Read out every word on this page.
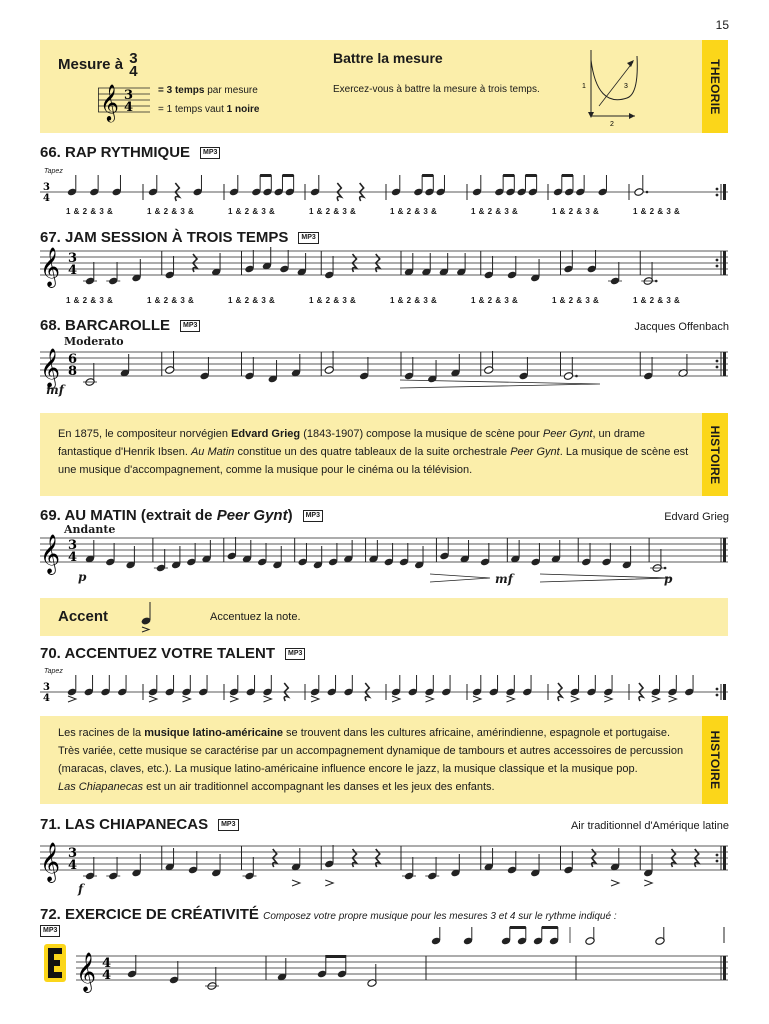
15
Mesure à 3
4
𝄞 3
4
= 3 temps par mesure
= 1 temps vaut 1 noire
Battre la mesure
Exercez-vous à battre la mesure à trois temps.	1
2
3	THEORIE
66. RAP RYTHMIQUE MP3
Tapez
3
4
1 & 2 & 3 &	1 & 2 & 3 &	1 & 2 & 3 &	1 & 2 & 3 &	1 & 2 & 3 &	1 & 2 & 3 &	1 & 2 & 3 &	1 & 2 & 3 &
67. JAM SESSION À TROIS TEMPS MP3
𝄞 3
4
1 & 2 & 3 &	1 & 2 & 3 &	1 & 2 & 3 &	1 & 2 & 3 &	1 & 2 & 3 &	1 & 2 & 3 &	1 & 2 & 3 &	1 & 2 & 3 &
68. BARCAROLLE MP3	Jacques Offenbach
Moderato
𝄞 6
8
mf
En 1875, le compositeur norvégien Edvard Grieg (1843-1907) compose la musique de scène pour Peer Gynt, un drame
fantastique d'Henrik Ibsen. Au Matin constitue un des quatre tableaux de la suite orchestrale Peer Gynt. La musique de scène est
une musique d'accompagnement, comme la musique pour le cinéma ou la télévision.	HISTOIRE
69. AU MATIN (extrait de Peer Gynt) MP3	Edvard Grieg
Andante
𝄞 3
4
p	mf	p
Accent	Accentuez la note.
70. ACCENTUEZ VOTRE TALENT MP3
Tapez
3
4
Les racines de la musique latino-américaine se trouvent dans les cultures africaine, amérindienne, espagnole et portugaise.
Très variée, cette musique se caractérise par un accompagnement dynamique de tambours et autres accessoires de percussion
(maracas, claves, etc.). La musique latino-américaine influence encore le jazz, la musique classique et la musique pop.
Las Chiapanecas est un air traditionnel accompagnant les danses et les jeux des enfants.	HISTOIRE
71. LAS CHIAPANECAS MP3	Air traditionnel d'Amérique latine
𝄞 3
4
f
72. EXERCICE DE CRÉATIVITÉ Composez votre propre musique pour les mesures 3 et 4 sur le rythme indiqué :
MP3
𝄞 4
4
